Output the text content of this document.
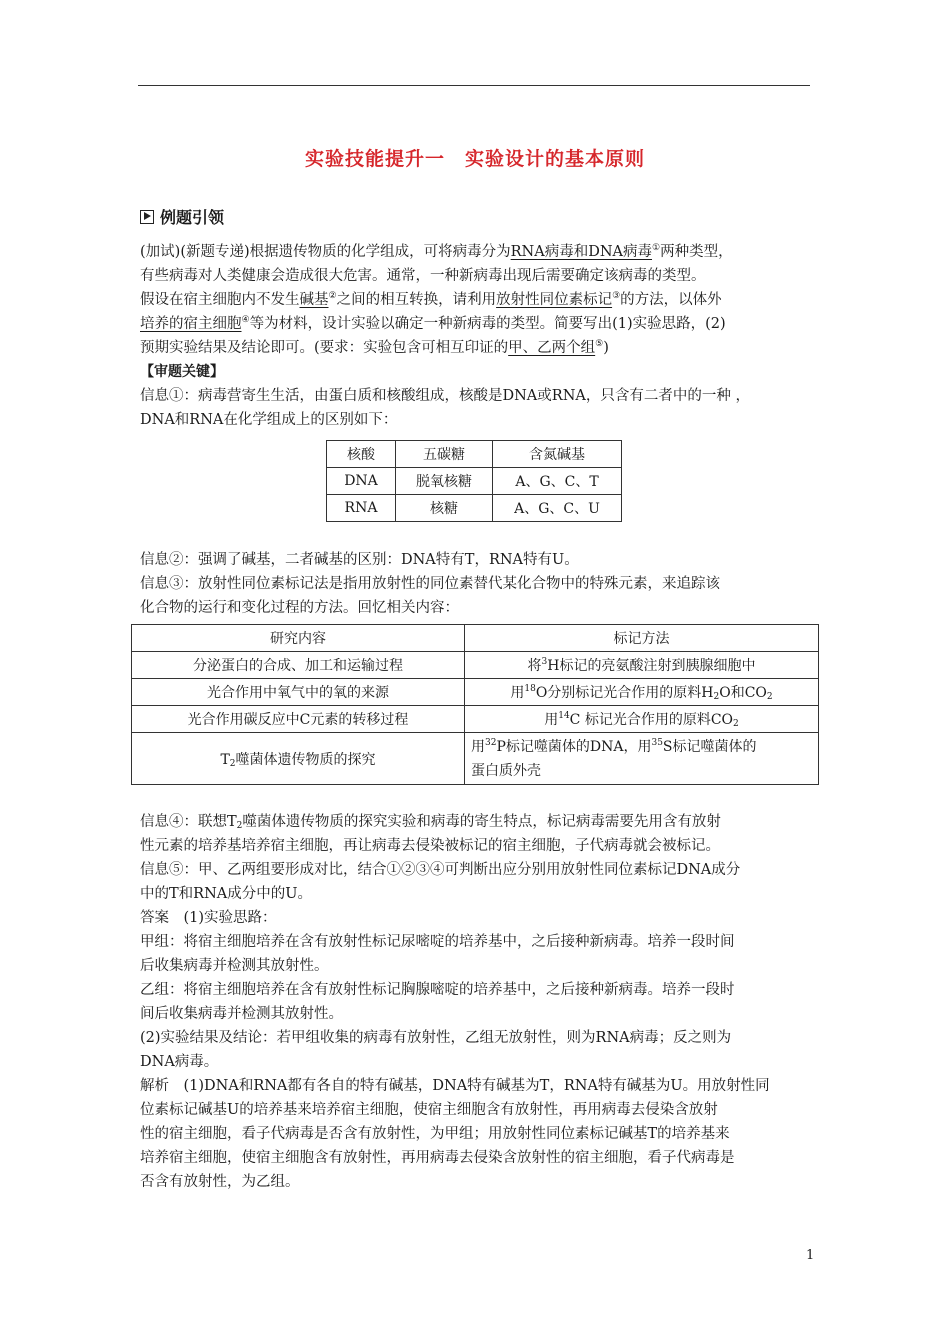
实验技能提升一　实验设计的基本原则
例题引领

(加试)(新题专递)根据遗传物质的化学组成，可将病毒分为RNA病毒和DNA病毒①两种类型，

有些病毒对人类健康会造成很大危害。通常，一种新病毒出现后需要确定该病毒的类型。

假设在宿主细胞内不发生碱基②之间的相互转换，请利用放射性同位素标记③的方法，以体外

培养的宿主细胞④等为材料，设计实验以确定一种新病毒的类型。简要写出(1)实验思路，(2)

预期实验结果及结论即可。(要求：实验包含可相互印证的甲、乙两个组⑤)

【审题关键】

信息①：病毒营寄生生活，由蛋白质和核酸组成，核酸是DNA或RNA，只含有二者中的一种 ，

DNA和RNA在化学组成上的区别如下：

核酸	五碳糖	含氮碱基
DNA	脱氧核糖	A、G、C、T
RNA	核糖	A、G、C、U

信息②：强调了碱基，二者碱基的区别：DNA特有T，RNA特有U。

信息③：放射性同位素标记法是指用放射性的同位素替代某化合物中的特殊元素，来追踪该

化合物的运行和变化过程的方法。回忆相关内容：

研究内容	标记方法
分泌蛋白的合成、加工和运输过程	将$^3$H标记的亮氨酸注射到胰腺细胞中
光合作用中氧气中的氧的来源	用$^{18}$O分别标记光合作用的原料$H_2O$和$CO_2$
光合作用碳反应中C元素的转移过程	用$^{14}$C 标记光合作用的原料$CO_2$
$T_2$噬菌体遗传物质的探究	用$^{32}$P标记噬菌体的DNA，用$^{35}$S标记噬菌体的
蛋白质外壳

信息④：联想$T_2$噬菌体遗传物质的探究实验和病毒的寄生特点，标记病毒需要先用含有放射

性元素的培养基培养宿主细胞，再让病毒去侵染被标记的宿主细胞，子代病毒就会被标记。

信息⑤：甲、乙两组要形成对比，结合①②③④可判断出应分别用放射性同位素标记DNA成分

中的T和RNA成分中的U。

答案　(1)实验思路：

甲组：将宿主细胞培养在含有放射性标记尿嘧啶的培养基中，之后接种新病毒。培养一段时间

后收集病毒并检测其放射性。

乙组：将宿主细胞培养在含有放射性标记胸腺嘧啶的培养基中，之后接种新病毒。培养一段时

间后收集病毒并检测其放射性。

(2)实验结果及结论：若甲组收集的病毒有放射性，乙组无放射性，则为RNA病毒；反之则为

DNA病毒。

解析　(1)DNA和RNA都有各自的特有碱基，DNA特有碱基为T，RNA特有碱基为U。用放射性同

位素标记碱基U的培养基来培养宿主细胞，使宿主细胞含有放射性，再用病毒去侵染含放射

性的宿主细胞，看子代病毒是否含有放射性，为甲组；用放射性同位素标记碱基T的培养基来

培养宿主细胞，使宿主细胞含有放射性，再用病毒去侵染含放射性的宿主细胞，看子代病毒是

否含有放射性，为乙组。

1
